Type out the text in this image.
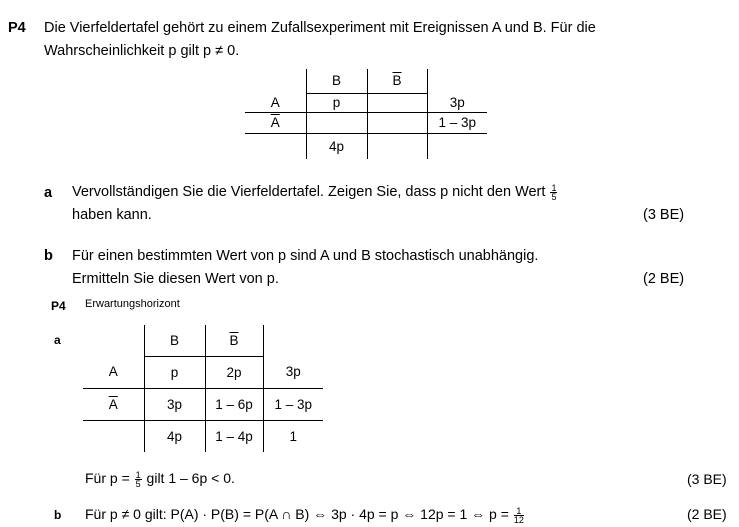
P4 Die Vierfeldertafel gehört zu einem Zufallsexperiment mit Ereignissen A und B. Für die
Wahrscheinlichkeit p gilt p ≠ 0.
	B	$\overline{B}$	
A	p		3p
$\overline{A}$			1 – 3p
	4p		
a Vervollständigen Sie die Vierfeldertafel. Zeigen Sie, dass p nicht den Wert $\frac{1}{5}$
haben kann.	(3 BE)
b Für einen bestimmten Wert von p sind A und B stochastisch unabhängig.
Ermitteln Sie diesen Wert von p.	(2 BE)
P4 Erwartungshorizont
a
		B	$\overline{B}$	
A	p	2p	3p
$\overline{A}$	3p	1 – 6p	1 – 3p
	4p	1 – 4p	1
Für $p = \frac{1}{5}$ gilt 1 – 6p < 0.	(3 BE)
b Für p ≠ 0 gilt: P(A) · P(B) = P(A ∩ B) ⇔ 3p · 4p = p ⇔ 12p = 1 ⇔ $p = \frac{1}{12}$	(2 BE)
